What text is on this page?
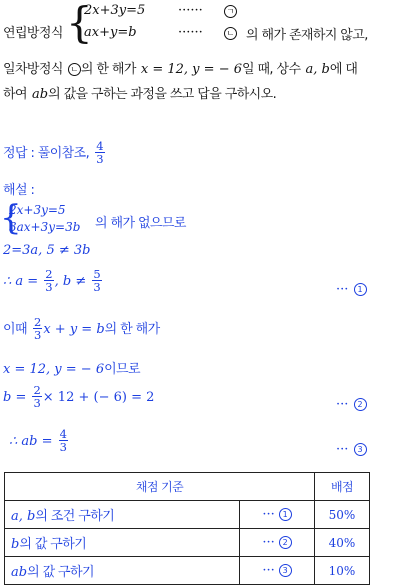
연립방정식 {
2x+3y=5	······	ㄱ
ax+y=b	······	ㄴ 의 해가 존재하지 않고,
일차방정식 ㄴ 의 한 해가 x = 12, y = − 6일 때, 상수 a, b에 대
하여 ab의 값을 구하는 과정을 쓰고 답을 구하시오.
정답 : 풀이참조, $\frac{4}{3}$
해설 :
{
2x+3y=5
3ax+3y=3b 의 해가 없으므로
2=3a, 5 ≠ 3b
∴ $a = \frac{2}{3}$ , $b \ne \frac{5}{3}$	··· 1
이때 $\frac{2}{3}$ x + y = b의 한 해가
x = 12, y = − 6이므로
$b = \frac{2}{3} \times 12$ + (− 6) = 2	··· 2
∴ ab = $\frac{4}{3}$	··· 3
채점 기준		배점
a, b의 조건 구하기	··· 1	50%
b의 값 구하기	··· 2	40%
ab의 값 구하기	··· 3	10%
